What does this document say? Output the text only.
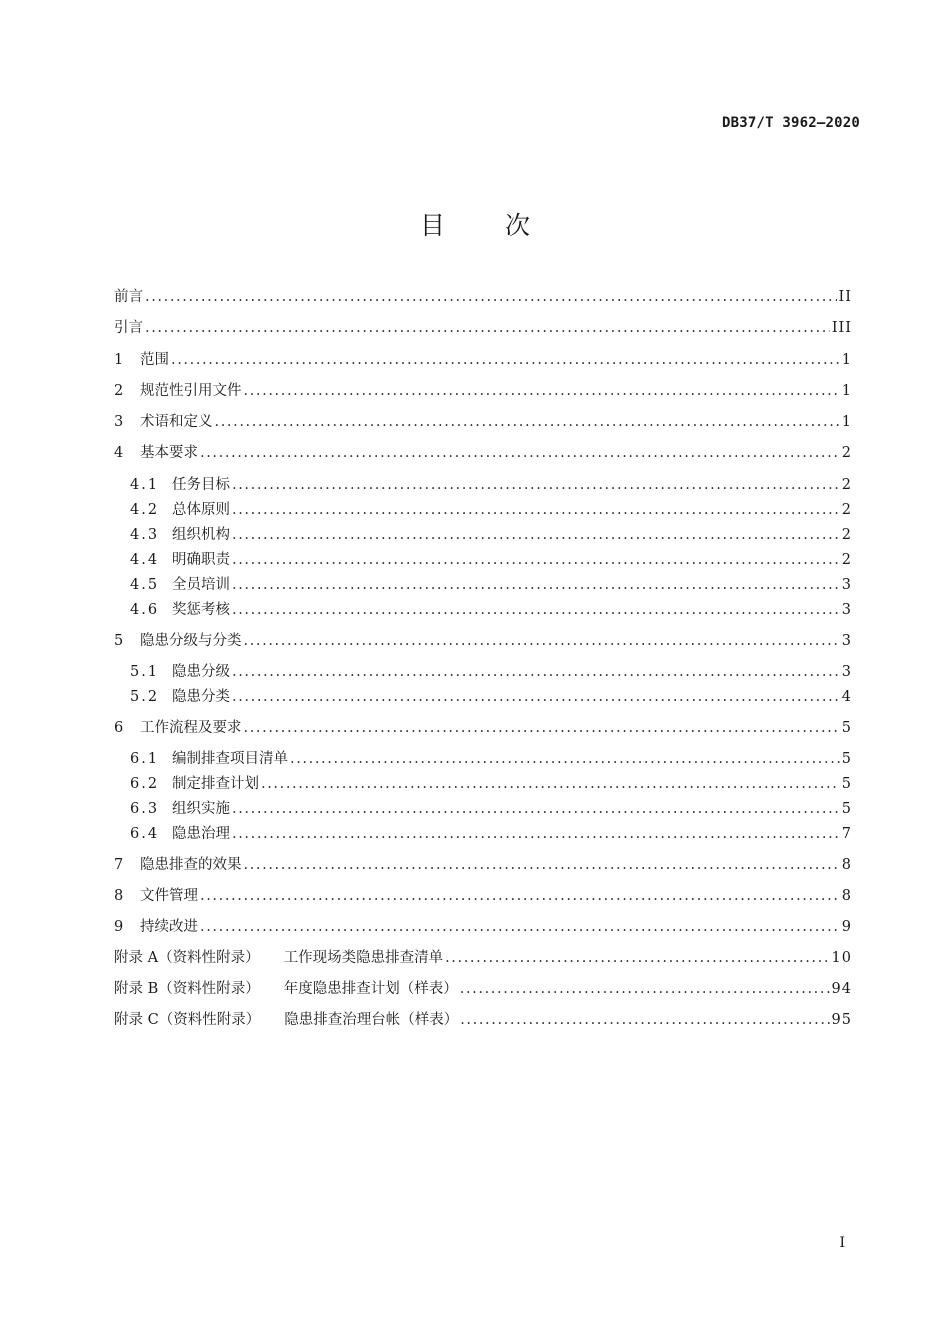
DB37/T 3962—2020
目 次
前言 .....	II
引言 .....	III
1	范围 .....	1
2	规范性引用文件 .....	1
3	术语和定义 .....	1
4	基本要求 .....	2
4.1 任务目标 .....	2
4.2 总体原则 .....	2
4.3 组织机构 .....	2
4.4 明确职责 .....	2
4.5 全员培训 .....	3
4.6 奖惩考核 .....	3
5	隐患分级与分类 .....	3
5.1 隐患分级 .....	3
5.2 隐患分类 .....	4
6	工作流程及要求 .....	5
6.1 编制排查项目清单 .....	5
6.2 制定排查计划 .....	5
6.3 组织实施 .....	5
6.4 隐患治理 .....	7
7	隐患排查的效果 .....	8
8	文件管理 .....	8
9	持续改进 .....	9
附录 A（资料性附录） 工作现场类隐患排查清单 .....	10
附录 B（资料性附录） 年度隐患排查计划（样表） .....	94
附录 C（资料性附录） 隐患排查治理台帐（样表） .....	95
I
